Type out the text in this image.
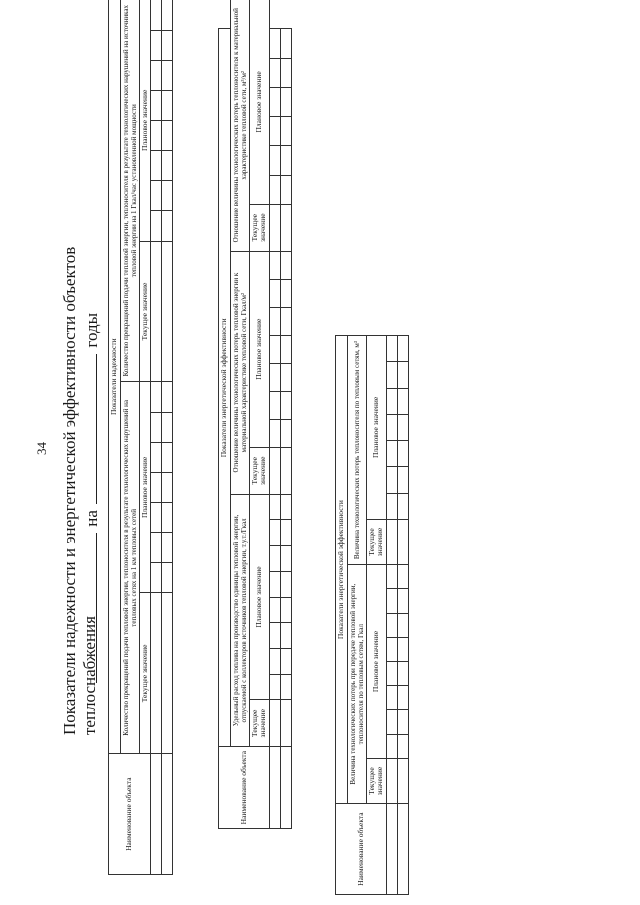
34 Показатели надежности и энергетической эффективности объектов теплоснабжения
на  годы
Наименование объекта	Показатели надежности																
	Количество прекращений подачи тепловой энергии, теплоносителя в результате технологических нарушений на тепловых сетях на 1 км тепловых сетей								Количество прекращений подачи тепловой энергии, теплоносителя в результате технологических нарушений на источниках тепловой энергии на 1 Гкал/час установленной мощности								
	Текущее значение	Плановое значение							Текущее значение	Плановое значение							

Наименование объекта	Показатели энергетической эффективности																							
	Удельный расход топлива на производство единицы тепловой энергии, отпускаемой с коллекторов источников тепловой энергии, т.у.т./Гкал									Отношение величины технологических потерь тепловой энергии к материальной характеристике тепловой сети, Гкал/м²								Отношение величины технологических потерь теплоносителя к материальной характеристике тепловой сети, м³/м²						
	Текущее значение	Плановое значение								Текущее значение	Плановое значение							Текущее значение	Плановое значение					

Наименование объекта	Показатели энергетической эффективности																
	Величина технологических потерь при передаче тепловой энергии, теплоносителя по тепловым сетям, Гкал									Величина технологических потерь теплоносителя по тепловым сетям, м³							
	Текущее значение	Плановое значение								Текущее значение	Плановое значение						
